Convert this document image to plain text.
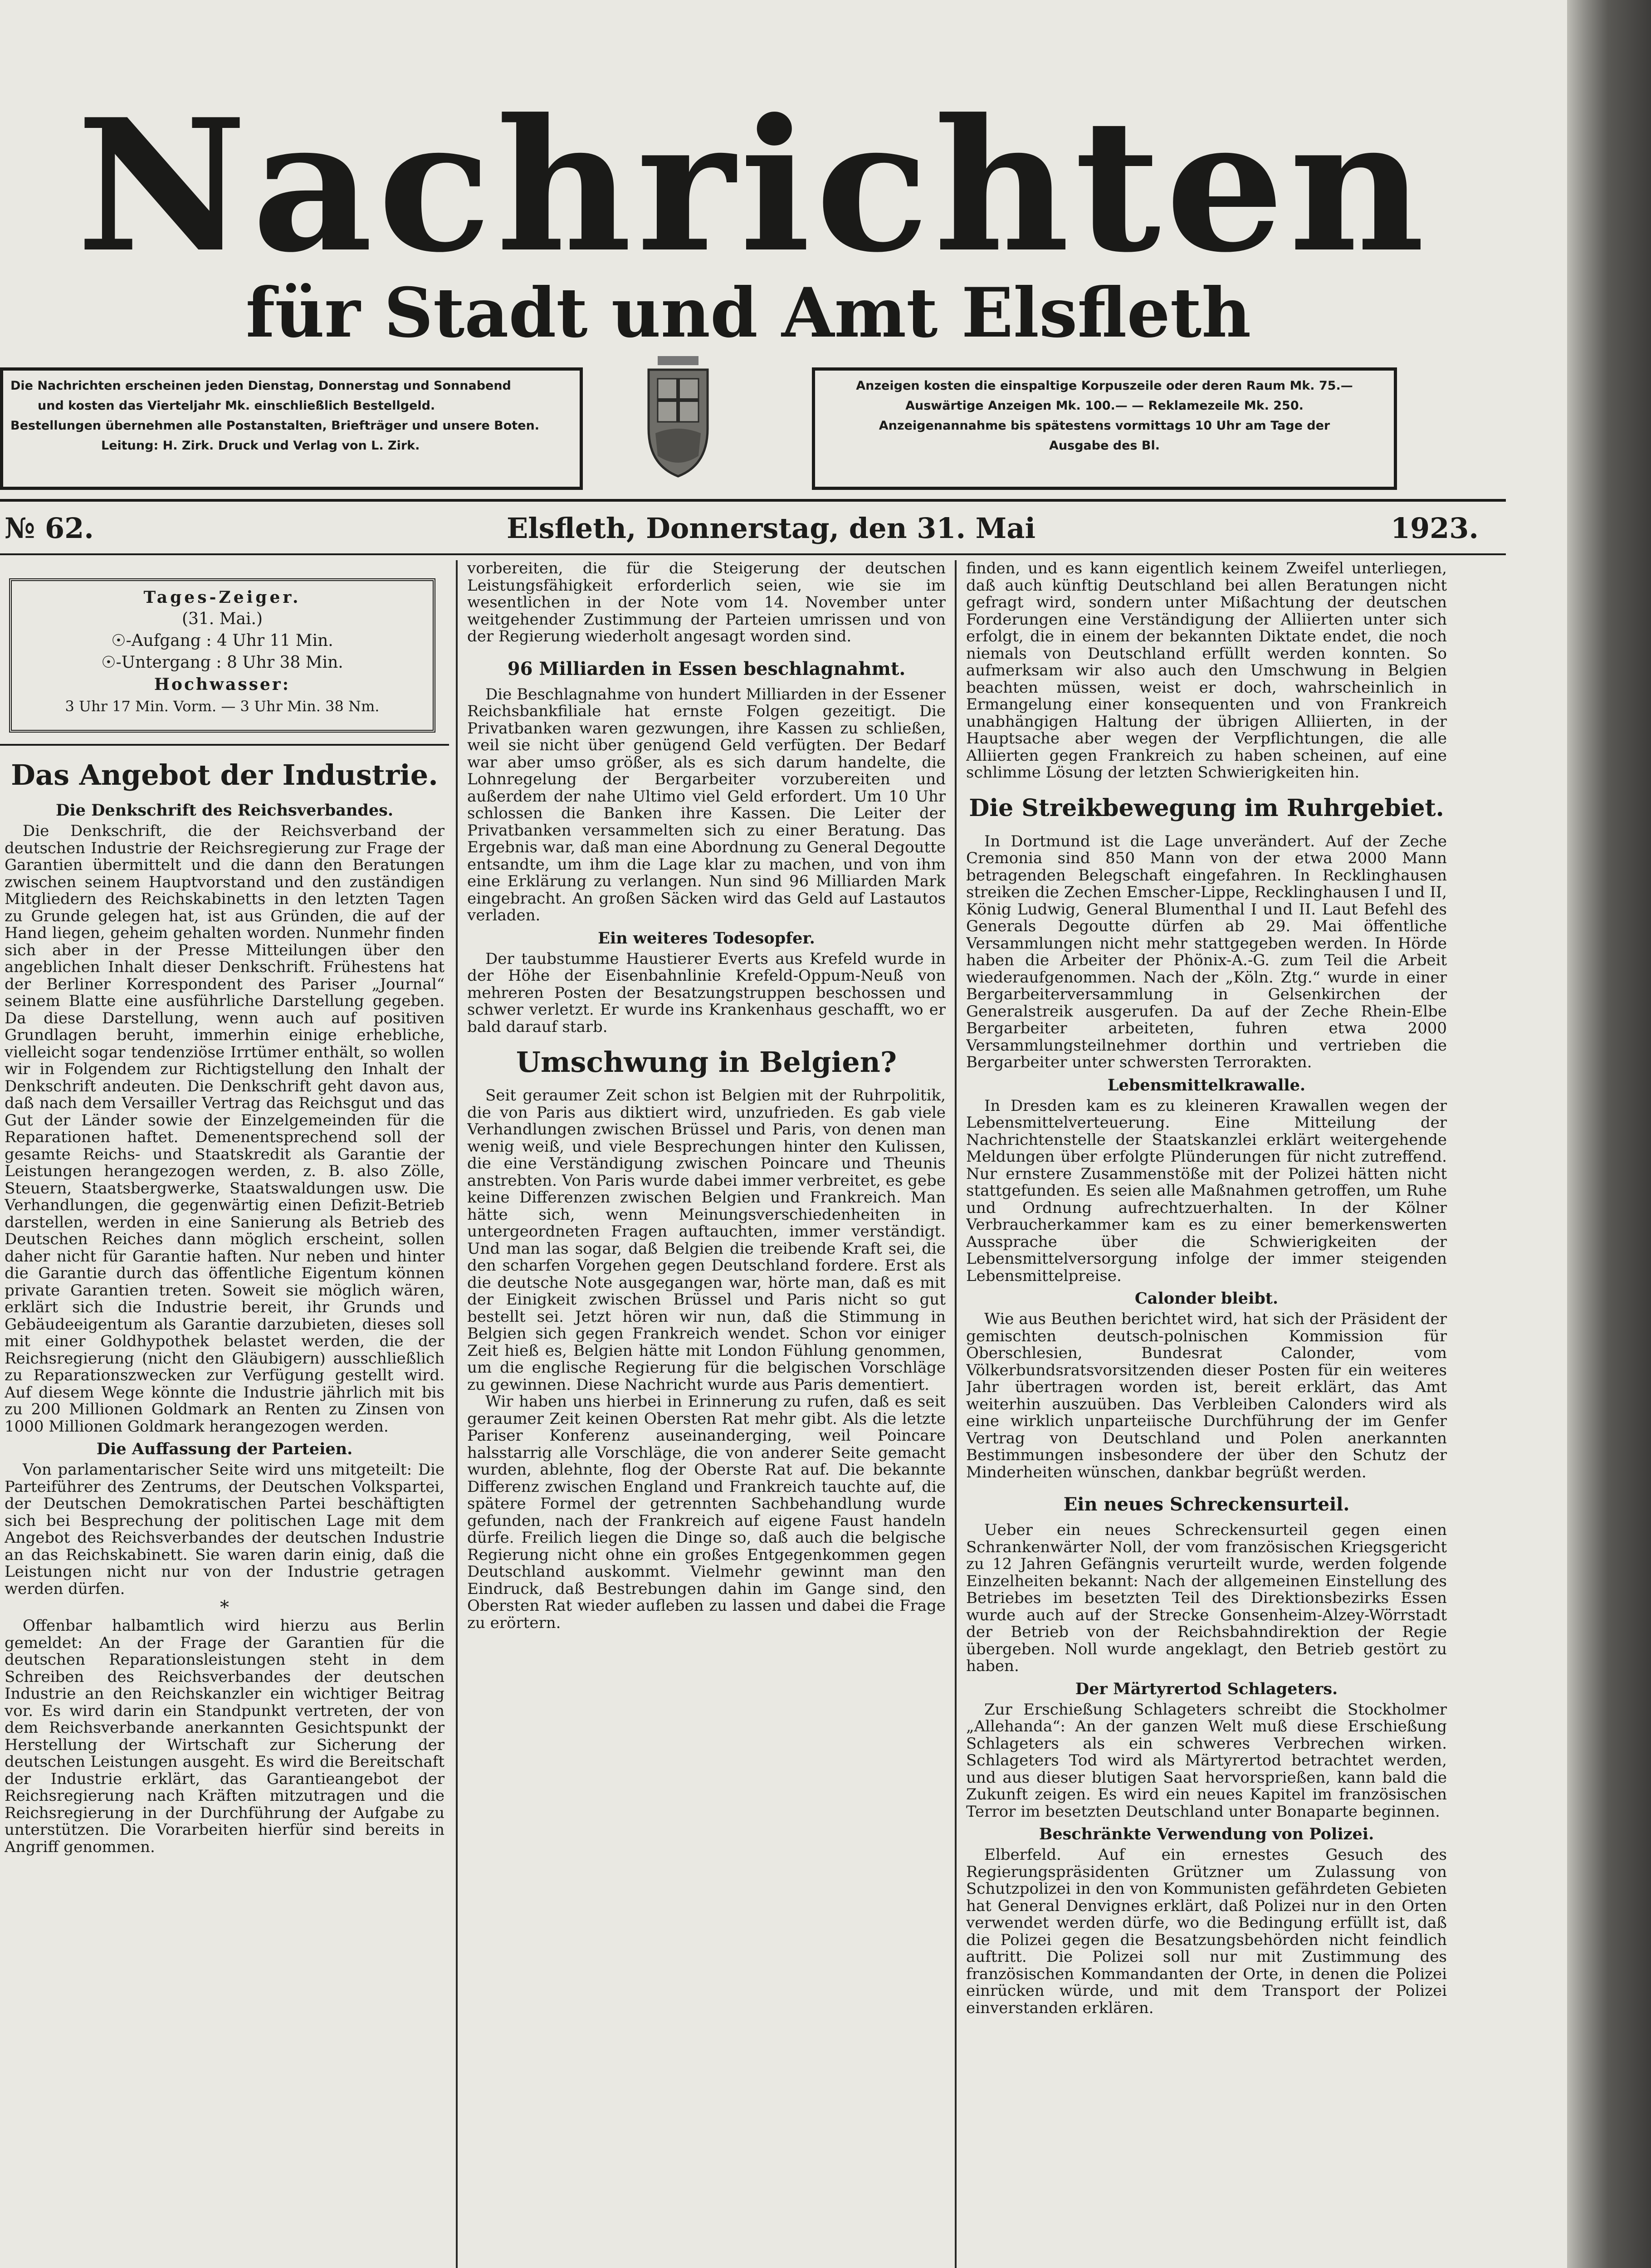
Nachrichten
für Stadt und Amt Elsfleth
Die Nachrichten erscheinen jeden Dienstag, Donnerstag und Sonnabend
und kosten das Vierteljahr Mk. einschließlich Bestellgeld.
Bestellungen übernehmen alle Postanstalten, Briefträger und unsere Boten.
Leitung: H. Zirk. Druck und Verlag von L. Zirk.
Anzeigen kosten die einspaltige Korpuszeile oder deren Raum Mk. 75.—
Auswärtige Anzeigen Mk. 100.— — Reklamezeile Mk. 250.
Anzeigenannahme bis spätestens vormittags 10 Uhr am Tage der
Ausgabe des Bl.
№ 62.	Elsfleth, Donnerstag, den 31. Mai	1923.
Tages-Zeiger.
(31. Mai.)
☉-Aufgang : 4 Uhr 11 Min.
☉-Untergang : 8 Uhr 38 Min.
Hochwasser:
3 Uhr 17 Min. Vorm. — 3 Uhr Min. 38 Nm.
Das Angebot der Industrie.
Die Denkschrift des Reichsverbandes.

Die Denkschrift, die der Reichsverband der deutschen Industrie der Reichsregierung zur Frage der Garantien übermittelt und die dann den Beratungen zwischen seinem Hauptvorstand und den zuständigen Mitgliedern des Reichskabinetts in den letzten Tagen zu Grunde gelegen hat, ist aus Gründen, die auf der Hand liegen, geheim gehalten worden. Nunmehr finden sich aber in der Presse Mitteilungen über den angeblichen Inhalt dieser Denkschrift. Frühestens hat der Berliner Korrespondent des Pariser „Journal“ seinem Blatte eine ausführliche Darstellung gegeben. Da diese Darstellung, wenn auch auf positiven Grundlagen beruht, immerhin einige erhebliche, vielleicht sogar tendenziöse Irrtümer enthält, so wollen wir in Folgendem zur Richtigstellung den Inhalt der Denkschrift andeuten. Die Denkschrift geht davon aus, daß nach dem Versailler Vertrag das Reichsgut und das Gut der Länder sowie der Einzelgemeinden für die Reparationen haftet. Demenentsprechend soll der gesamte Reichs- und Staatskredit als Garantie der Leistungen herangezogen werden, z. B. also Zölle, Steuern, Staatsbergwerke, Staatswaldungen usw. Die Verhandlungen, die gegenwärtig einen Defizit-Betrieb darstellen, werden in eine Sanierung als Betrieb des Deutschen Reiches dann möglich erscheint, sollen daher nicht für Garantie haften. Nur neben und hinter die Garantie durch das öffentliche Eigentum können private Garantien treten. Soweit sie möglich wären, erklärt sich die Industrie bereit, ihr Grunds und Gebäudeeigentum als Garantie darzubieten, dieses soll mit einer Goldhypothek belastet werden, die der Reichsregierung (nicht den Gläubigern) ausschließlich zu Reparationszwecken zur Verfügung gestellt wird. Auf diesem Wege könnte die Industrie jährlich mit bis zu 200 Millionen Goldmark an Renten zu Zinsen von 1000 Millionen Goldmark herangezogen werden.

Die Auffassung der Parteien.

Von parlamentarischer Seite wird uns mitgeteilt: Die Parteiführer des Zentrums, der Deutschen Volkspartei, der Deutschen Demokratischen Partei beschäftigten sich bei Besprechung der politischen Lage mit dem Angebot des Reichsverbandes der deutschen Industrie an das Reichskabinett. Sie waren darin einig, daß die Leistungen nicht nur von der Industrie getragen werden dürfen.

*

Offenbar halbamtlich wird hierzu aus Berlin gemeldet: An der Frage der Garantien für die deutschen Reparationsleistungen steht in dem Schreiben des Reichsverbandes der deutschen Industrie an den Reichskanzler ein wichtiger Beitrag vor. Es wird darin ein Standpunkt vertreten, der von dem Reichsverbande anerkannten Gesichtspunkt der Herstellung der Wirtschaft zur Sicherung der deutschen Leistungen ausgeht. Es wird die Bereitschaft der Industrie erklärt, das Garantieangebot der Reichsregierung nach Kräften mitzutragen und die Reichsregierung in der Durchführung der Aufgabe zu unterstützen. Die Vorarbeiten hierfür sind bereits in Angriff genommen.

vorbereiten, die für die Steigerung der deutschen Leistungsfähigkeit erforderlich seien, wie sie im wesentlichen in der Note vom 14. November unter weitgehender Zustimmung der Parteien umrissen und von der Regierung wiederholt angesagt worden sind.

96 Milliarden in Essen beschlagnahmt.

Die Beschlagnahme von hundert Milliarden in der Essener Reichsbankfiliale hat ernste Folgen gezeitigt. Die Privatbanken waren gezwungen, ihre Kassen zu schließen, weil sie nicht über genügend Geld verfügten. Der Bedarf war aber umso größer, als es sich darum handelte, die Lohnregelung der Bergarbeiter vorzubereiten und außerdem der nahe Ultimo viel Geld erfordert. Um 10 Uhr schlossen die Banken ihre Kassen. Die Leiter der Privatbanken versammelten sich zu einer Beratung. Das Ergebnis war, daß man eine Abordnung zu General Degoutte entsandte, um ihm die Lage klar zu machen, und von ihm eine Erklärung zu verlangen. Nun sind 96 Milliarden Mark eingebracht. An großen Säcken wird das Geld auf Lastautos verladen.

Ein weiteres Todesopfer.

Der taubstumme Haustierer Everts aus Krefeld wurde in der Höhe der Eisenbahnlinie Krefeld-Oppum-Neuß von mehreren Posten der Besatzungstruppen beschossen und schwer verletzt. Er wurde ins Krankenhaus geschafft, wo er bald darauf starb.

Umschwung in Belgien?

Seit geraumer Zeit schon ist Belgien mit der Ruhrpolitik, die von Paris aus diktiert wird, unzufrieden. Es gab viele Verhandlungen zwischen Brüssel und Paris, von denen man wenig weiß, und viele Besprechungen hinter den Kulissen, die eine Verständigung zwischen Poincare und Theunis anstrebten. Von Paris wurde dabei immer verbreitet, es gebe keine Differenzen zwischen Belgien und Frankreich. Man hätte sich, wenn Meinungsverschiedenheiten in untergeordneten Fragen auftauchten, immer verständigt. Und man las sogar, daß Belgien die treibende Kraft sei, die den scharfen Vorgehen gegen Deutschland fordere. Erst als die deutsche Note ausgegangen war, hörte man, daß es mit der Einigkeit zwischen Brüssel und Paris nicht so gut bestellt sei. Jetzt hören wir nun, daß die Stimmung in Belgien sich gegen Frankreich wendet. Schon vor einiger Zeit hieß es, Belgien hätte mit London Fühlung genommen, um die englische Regierung für die belgischen Vorschläge zu gewinnen. Diese Nachricht wurde aus Paris dementiert.

Wir haben uns hierbei in Erinnerung zu rufen, daß es seit geraumer Zeit keinen Obersten Rat mehr gibt. Als die letzte Pariser Konferenz auseinanderging, weil Poincare halsstarrig alle Vorschläge, die von anderer Seite gemacht wurden, ablehnte, flog der Oberste Rat auf. Die bekannte Differenz zwischen England und Frankreich tauchte auf, die spätere Formel der getrennten Sachbehandlung wurde gefunden, nach der Frankreich auf eigene Faust handeln dürfe. Freilich liegen die Dinge so, daß auch die belgische Regierung nicht ohne ein großes Entgegenkommen gegen Deutschland auskommt. Vielmehr gewinnt man den Eindruck, daß Bestrebungen dahin im Gange sind, den Obersten Rat wieder aufleben zu lassen und dabei die Frage zu erörtern.

finden, und es kann eigentlich keinem Zweifel unterliegen, daß auch künftig Deutschland bei allen Beratungen nicht gefragt wird, sondern unter Mißachtung der deutschen Forderungen eine Verständigung der Alliierten unter sich erfolgt, die in einem der bekannten Diktate endet, die noch niemals von Deutschland erfüllt werden konnten. So aufmerksam wir also auch den Umschwung in Belgien beachten müssen, weist er doch, wahrscheinlich in Ermangelung einer konsequenten und von Frankreich unabhängigen Haltung der übrigen Alliierten, in der Hauptsache aber wegen der Verpflichtungen, die alle Alliierten gegen Frankreich zu haben scheinen, auf eine schlimme Lösung der letzten Schwierigkeiten hin.

Die Streikbewegung im Ruhrgebiet.

In Dortmund ist die Lage unverändert. Auf der Zeche Cremonia sind 850 Mann von der etwa 2000 Mann betragenden Belegschaft eingefahren. In Recklinghausen streiken die Zechen Emscher-Lippe, Recklinghausen I und II, König Ludwig, General Blumenthal I und II. Laut Befehl des Generals Degoutte dürfen ab 29. Mai öffentliche Versammlungen nicht mehr stattgegeben werden. In Hörde haben die Arbeiter der Phönix-A.-G. zum Teil die Arbeit wiederaufgenommen. Nach der „Köln. Ztg.“ wurde in einer Bergarbeiterversammlung in Gelsenkirchen der Generalstreik ausgerufen. Da auf der Zeche Rhein-Elbe Bergarbeiter arbeiteten, fuhren etwa 2000 Versammlungsteilnehmer dorthin und vertrieben die Bergarbeiter unter schwersten Terrorakten.

Lebensmittelkrawalle.

In Dresden kam es zu kleineren Krawallen wegen der Lebensmittelverteuerung. Eine Mitteilung der Nachrichtenstelle der Staatskanzlei erklärt weitergehende Meldungen über erfolgte Plünderungen für nicht zutreffend. Nur ernstere Zusammenstöße mit der Polizei hätten nicht stattgefunden. Es seien alle Maßnahmen getroffen, um Ruhe und Ordnung aufrechtzuerhalten. In der Kölner Verbraucherkammer kam es zu einer bemerkenswerten Aussprache über die Schwierigkeiten der Lebensmittelversorgung infolge der immer steigenden Lebensmittelpreise.

Calonder bleibt.

Wie aus Beuthen berichtet wird, hat sich der Präsident der gemischten deutsch-polnischen Kommission für Oberschlesien, Bundesrat Calonder, vom Völkerbundsratsvorsitzenden dieser Posten für ein weiteres Jahr übertragen worden ist, bereit erklärt, das Amt weiterhin auszuüben. Das Verbleiben Calonders wird als eine wirklich unparteiische Durchführung der im Genfer Vertrag von Deutschland und Polen anerkannten Bestimmungen insbesondere der über den Schutz der Minderheiten wünschen, dankbar begrüßt werden.

Ein neues Schreckensurteil.

Ueber ein neues Schreckensurteil gegen einen Schrankenwärter Noll, der vom französischen Kriegsgericht zu 12 Jahren Gefängnis verurteilt wurde, werden folgende Einzelheiten bekannt: Nach der allgemeinen Einstellung des Betriebes im besetzten Teil des Direktionsbezirks Essen wurde auch auf der Strecke Gonsenheim-Alzey-Wörrstadt der Betrieb von der Reichsbahndirektion der Regie übergeben. Noll wurde angeklagt, den Betrieb gestört zu haben.

Der Märtyrertod Schlageters.

Zur Erschießung Schlageters schreibt die Stockholmer „Allehanda“: An der ganzen Welt muß diese Erschießung Schlageters als ein schweres Verbrechen wirken. Schlageters Tod wird als Märtyrertod betrachtet werden, und aus dieser blutigen Saat hervorsprießen, kann bald die Zukunft zeigen. Es wird ein neues Kapitel im französischen Terror im besetzten Deutschland unter Bonaparte beginnen.

Beschränkte Verwendung von Polizei.

Elberfeld. Auf ein ernestes Gesuch des Regierungspräsidenten Grützner um Zulassung von Schutzpolizei in den von Kommunisten gefährdeten Gebieten hat General Denvignes erklärt, daß Polizei nur in den Orten verwendet werden dürfe, wo die Bedingung erfüllt ist, daß die Polizei gegen die Besatzungsbehörden nicht feindlich auftritt. Die Polizei soll nur mit Zustimmung des französischen Kommandanten der Orte, in denen die Polizei einrücken würde, und mit dem Transport der Polizei einverstanden erklären.
